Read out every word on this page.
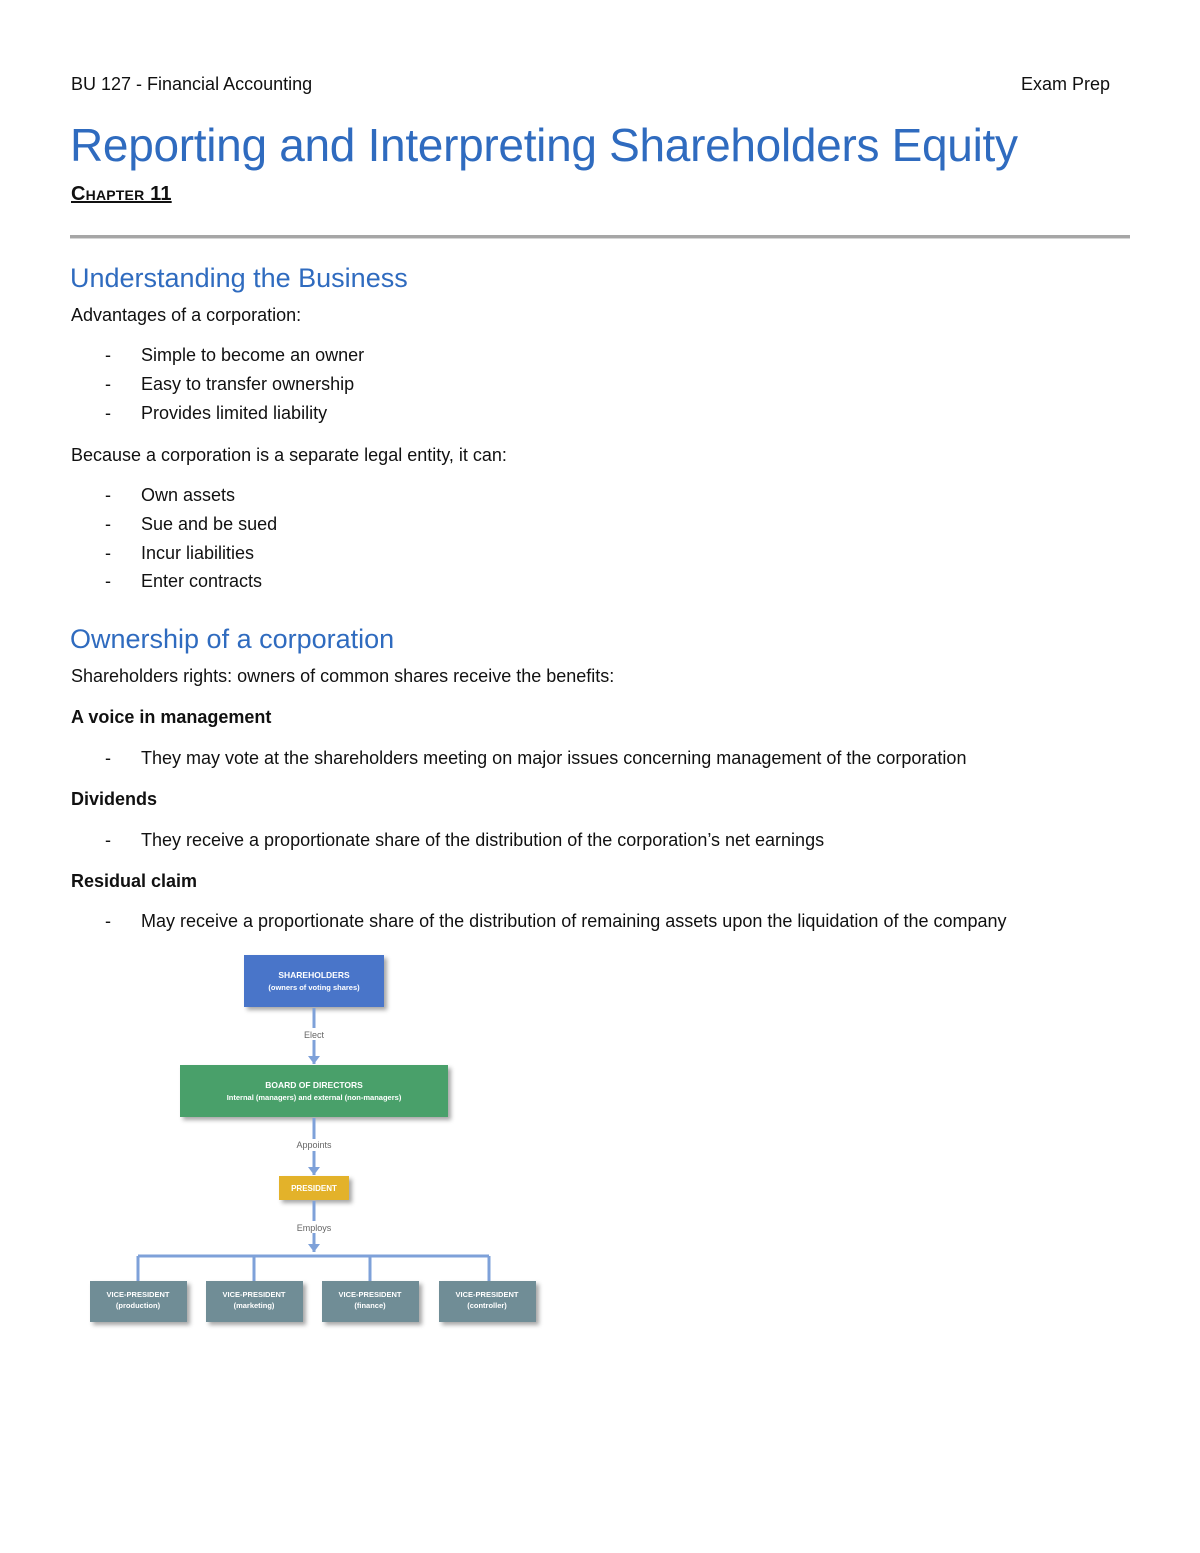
BU 127 - Financial Accounting	Exam Prep
Reporting and Interpreting Shareholders Equity
Chapter 11
Understanding the Business
Advantages of a corporation:
- Simple to become an owner
- Easy to transfer ownership
- Provides limited liability
Because a corporation is a separate legal entity, it can:
- Own assets
- Sue and be sued
- Incur liabilities
- Enter contracts
Ownership of a corporation
Shareholders rights: owners of common shares receive the benefits:
A voice in management
- They may vote at the shareholders meeting on major issues concerning management of the corporation
Dividends
- They receive a proportionate share of the distribution of the corporation’s net earnings
Residual claim
- May receive a proportionate share of the distribution of remaining assets upon the liquidation of the company
SHAREHOLDERS
(owners of voting shares)
Elect
BOARD OF DIRECTORS
Internal (managers) and external (non-managers)
Appoints
PRESIDENT
Employs
VICE-PRESIDENT
(production)
VICE-PRESIDENT
(marketing)
VICE-PRESIDENT
(finance)
VICE-PRESIDENT
(controller)
